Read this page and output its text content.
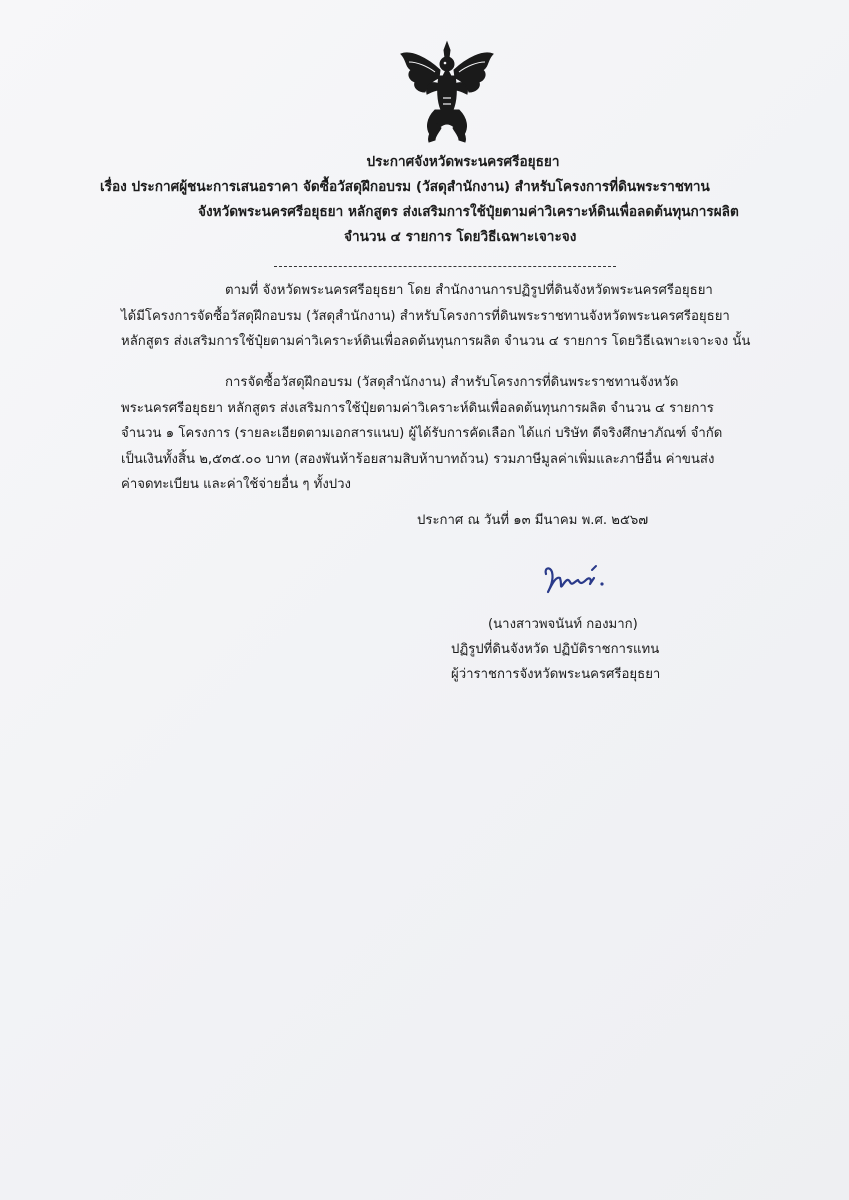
ประกาศจังหวัดพระนครศรีอยุธยา
เรื่อง ประกาศผู้ชนะการเสนอราคา จัดซื้อวัสดุฝึกอบรม (วัสดุสำนักงาน) สำหรับโครงการที่ดินพระราชทาน
จังหวัดพระนครศรีอยุธยา หลักสูตร ส่งเสริมการใช้ปุ๋ยตามค่าวิเคราะห์ดินเพื่อลดต้นทุนการผลิต
จำนวน ๔ รายการ โดยวิธีเฉพาะเจาะจง
ตามที่ จังหวัดพระนครศรีอยุธยา โดย สำนักงานการปฏิรูปที่ดินจังหวัดพระนครศรีอยุธยา
ได้มีโครงการจัดซื้อวัสดุฝึกอบรม (วัสดุสำนักงาน) สำหรับโครงการที่ดินพระราชทานจังหวัดพระนครศรีอยุธยา
หลักสูตร ส่งเสริมการใช้ปุ๋ยตามค่าวิเคราะห์ดินเพื่อลดต้นทุนการผลิต จำนวน ๔ รายการ โดยวิธีเฉพาะเจาะจง นั้น
การจัดซื้อวัสดุฝึกอบรม (วัสดุสำนักงาน) สำหรับโครงการที่ดินพระราชทานจังหวัด
พระนครศรีอยุธยา หลักสูตร ส่งเสริมการใช้ปุ๋ยตามค่าวิเคราะห์ดินเพื่อลดต้นทุนการผลิต จำนวน ๔ รายการ
จำนวน ๑ โครงการ (รายละเอียดตามเอกสารแนบ) ผู้ได้รับการคัดเลือก ได้แก่ บริษัท ดีจริงศึกษาภัณฑ์ จำกัด
เป็นเงินทั้งสิ้น ๒,๕๓๕.๐๐ บาท (สองพันห้าร้อยสามสิบห้าบาทถ้วน) รวมภาษีมูลค่าเพิ่มและภาษีอื่น ค่าขนส่ง
ค่าจดทะเบียน และค่าใช้จ่ายอื่น ๆ ทั้งปวง
ประกาศ ณ วันที่ ๑๓ มีนาคม พ.ศ. ๒๕๖๗
(นางสาวพจนันท์ กองมาก)
ปฏิรูปที่ดินจังหวัด ปฏิบัติราชการแทน
ผู้ว่าราชการจังหวัดพระนครศรีอยุธยา
